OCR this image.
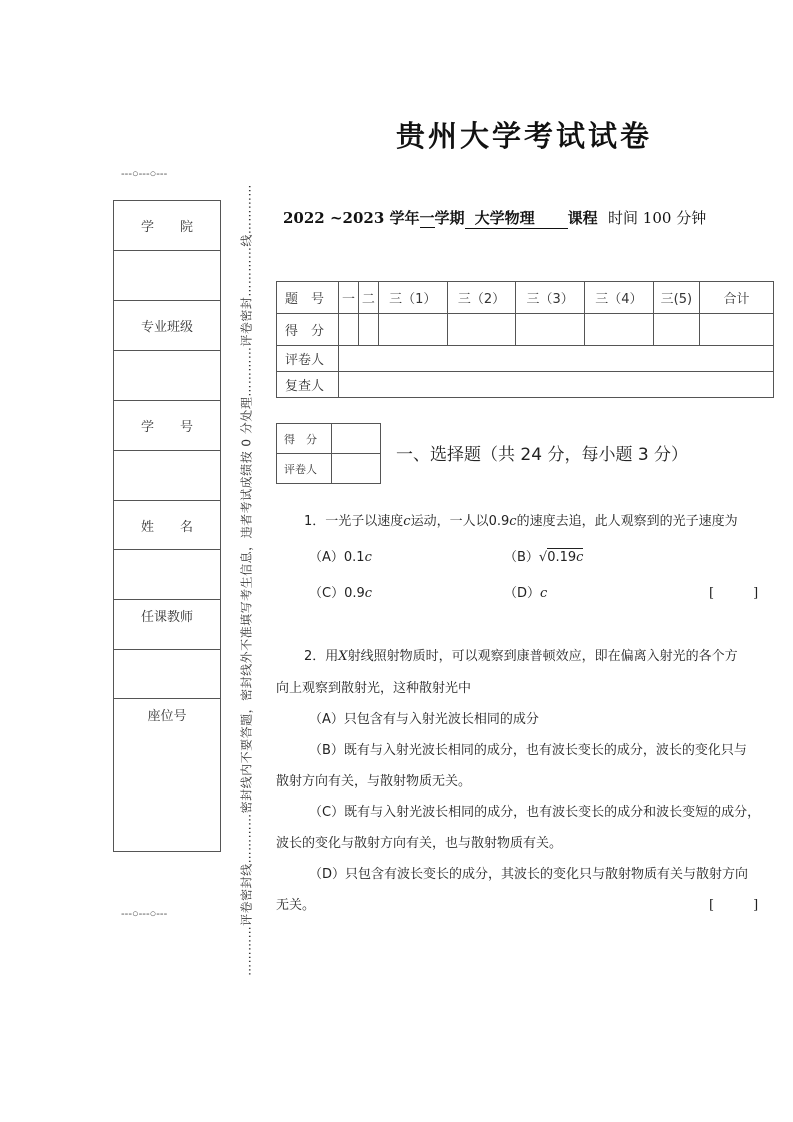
---○---○---
学　　院
专业班级
学　　号
姓　　名
任课教师
座位号
---○---○---	…………评卷密封线…………密封线内不要答题，密封线外不准填写考生信息，违者考试成绩按 0 分处理…………评卷密封…………线…………
贵州大学考试试卷
2022 ~2023 学年一学期 大学物理 课程 时间 100 分钟
题　号	一	二	三（1）	三（2）	三（3）	三（4）	三(5)	合计
得　分								
评卷人								
复查人								
得　分	
评卷人	
一、选择题（共 24 分，每小题 3 分）
1．一光子以速度c运动，一人以0.9c的速度去追，此人观察到的光子速度为
（A）0.1c	（B）√0.19c
（C）0.9c	（D）c	[　　　]
2．用X射线照射物质时，可以观察到康普顿效应，即在偏离入射光的各个方
向上观察到散射光，这种散射光中
（A）只包含有与入射光波长相同的成分
（B）既有与入射光波长相同的成分，也有波长变长的成分，波长的变化只与
散射方向有关，与散射物质无关。
（C）既有与入射光波长相同的成分，也有波长变长的成分和波长变短的成分，
波长的变化与散射方向有关，也与散射物质有关。
（D）只包含有波长变长的成分，其波长的变化只与散射物质有关与散射方向
无关。	[　　　]
